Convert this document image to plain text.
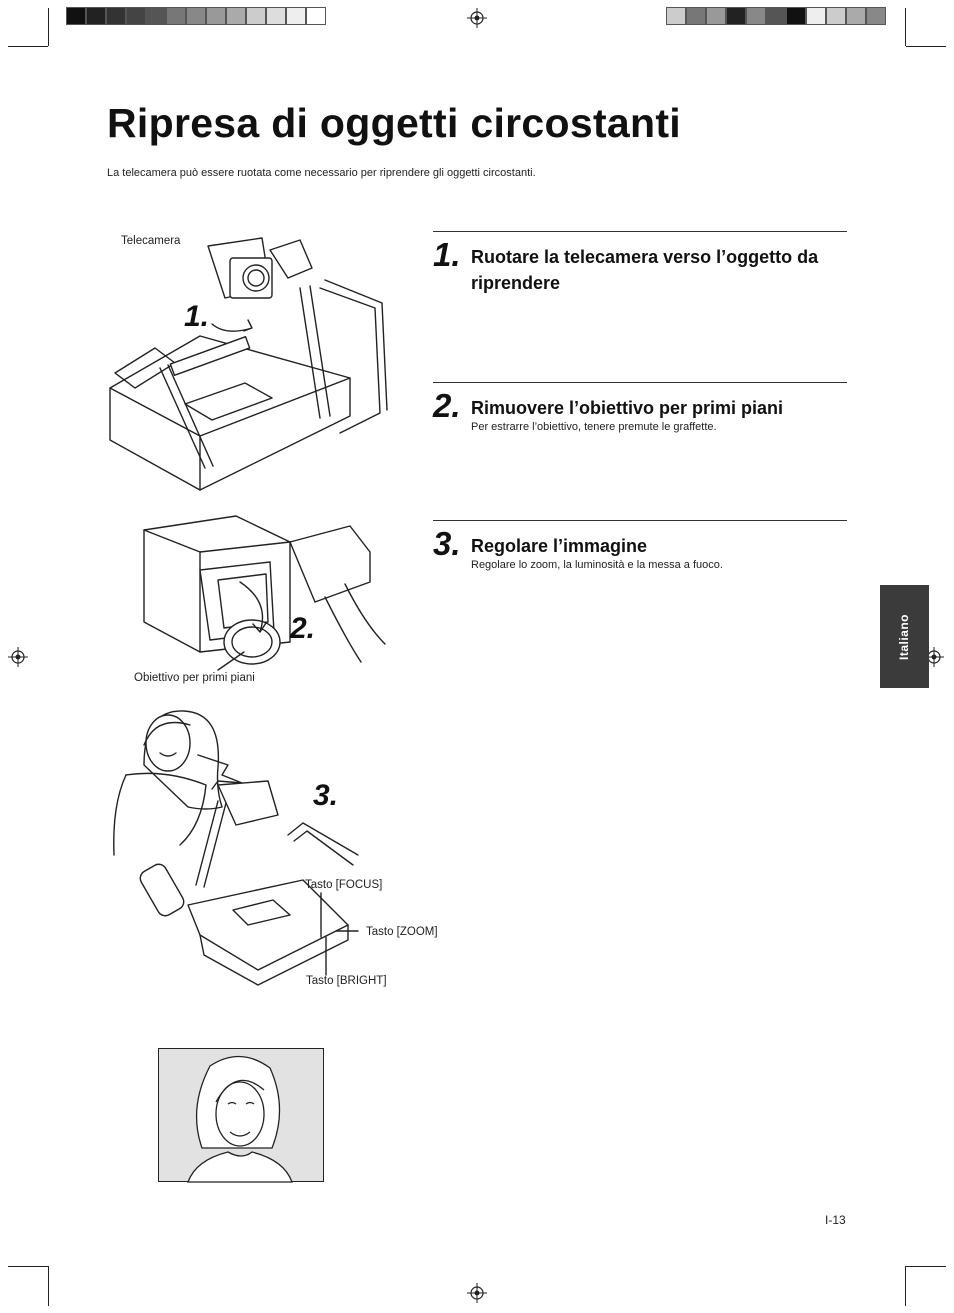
Ripresa di oggetti circostanti

La telecamera può essere ruotata come necessario per riprendere gli oggetti circostanti.

1. Ruotare la telecamera verso l’oggetto da riprendere
2. Rimuovere l’obiettivo per primi piani

Per estrarre l’obiettivo, tenere premute le graffette.

3. Regolare l’immagine

Regolare lo zoom, la luminosità e la messa a fuoco.

Italiano
Telecamera
1.
2.
Obiettivo per primi piani
3.
Tasto [FOCUS]
Tasto [ZOOM]
Tasto [BRIGHT]
I-13
